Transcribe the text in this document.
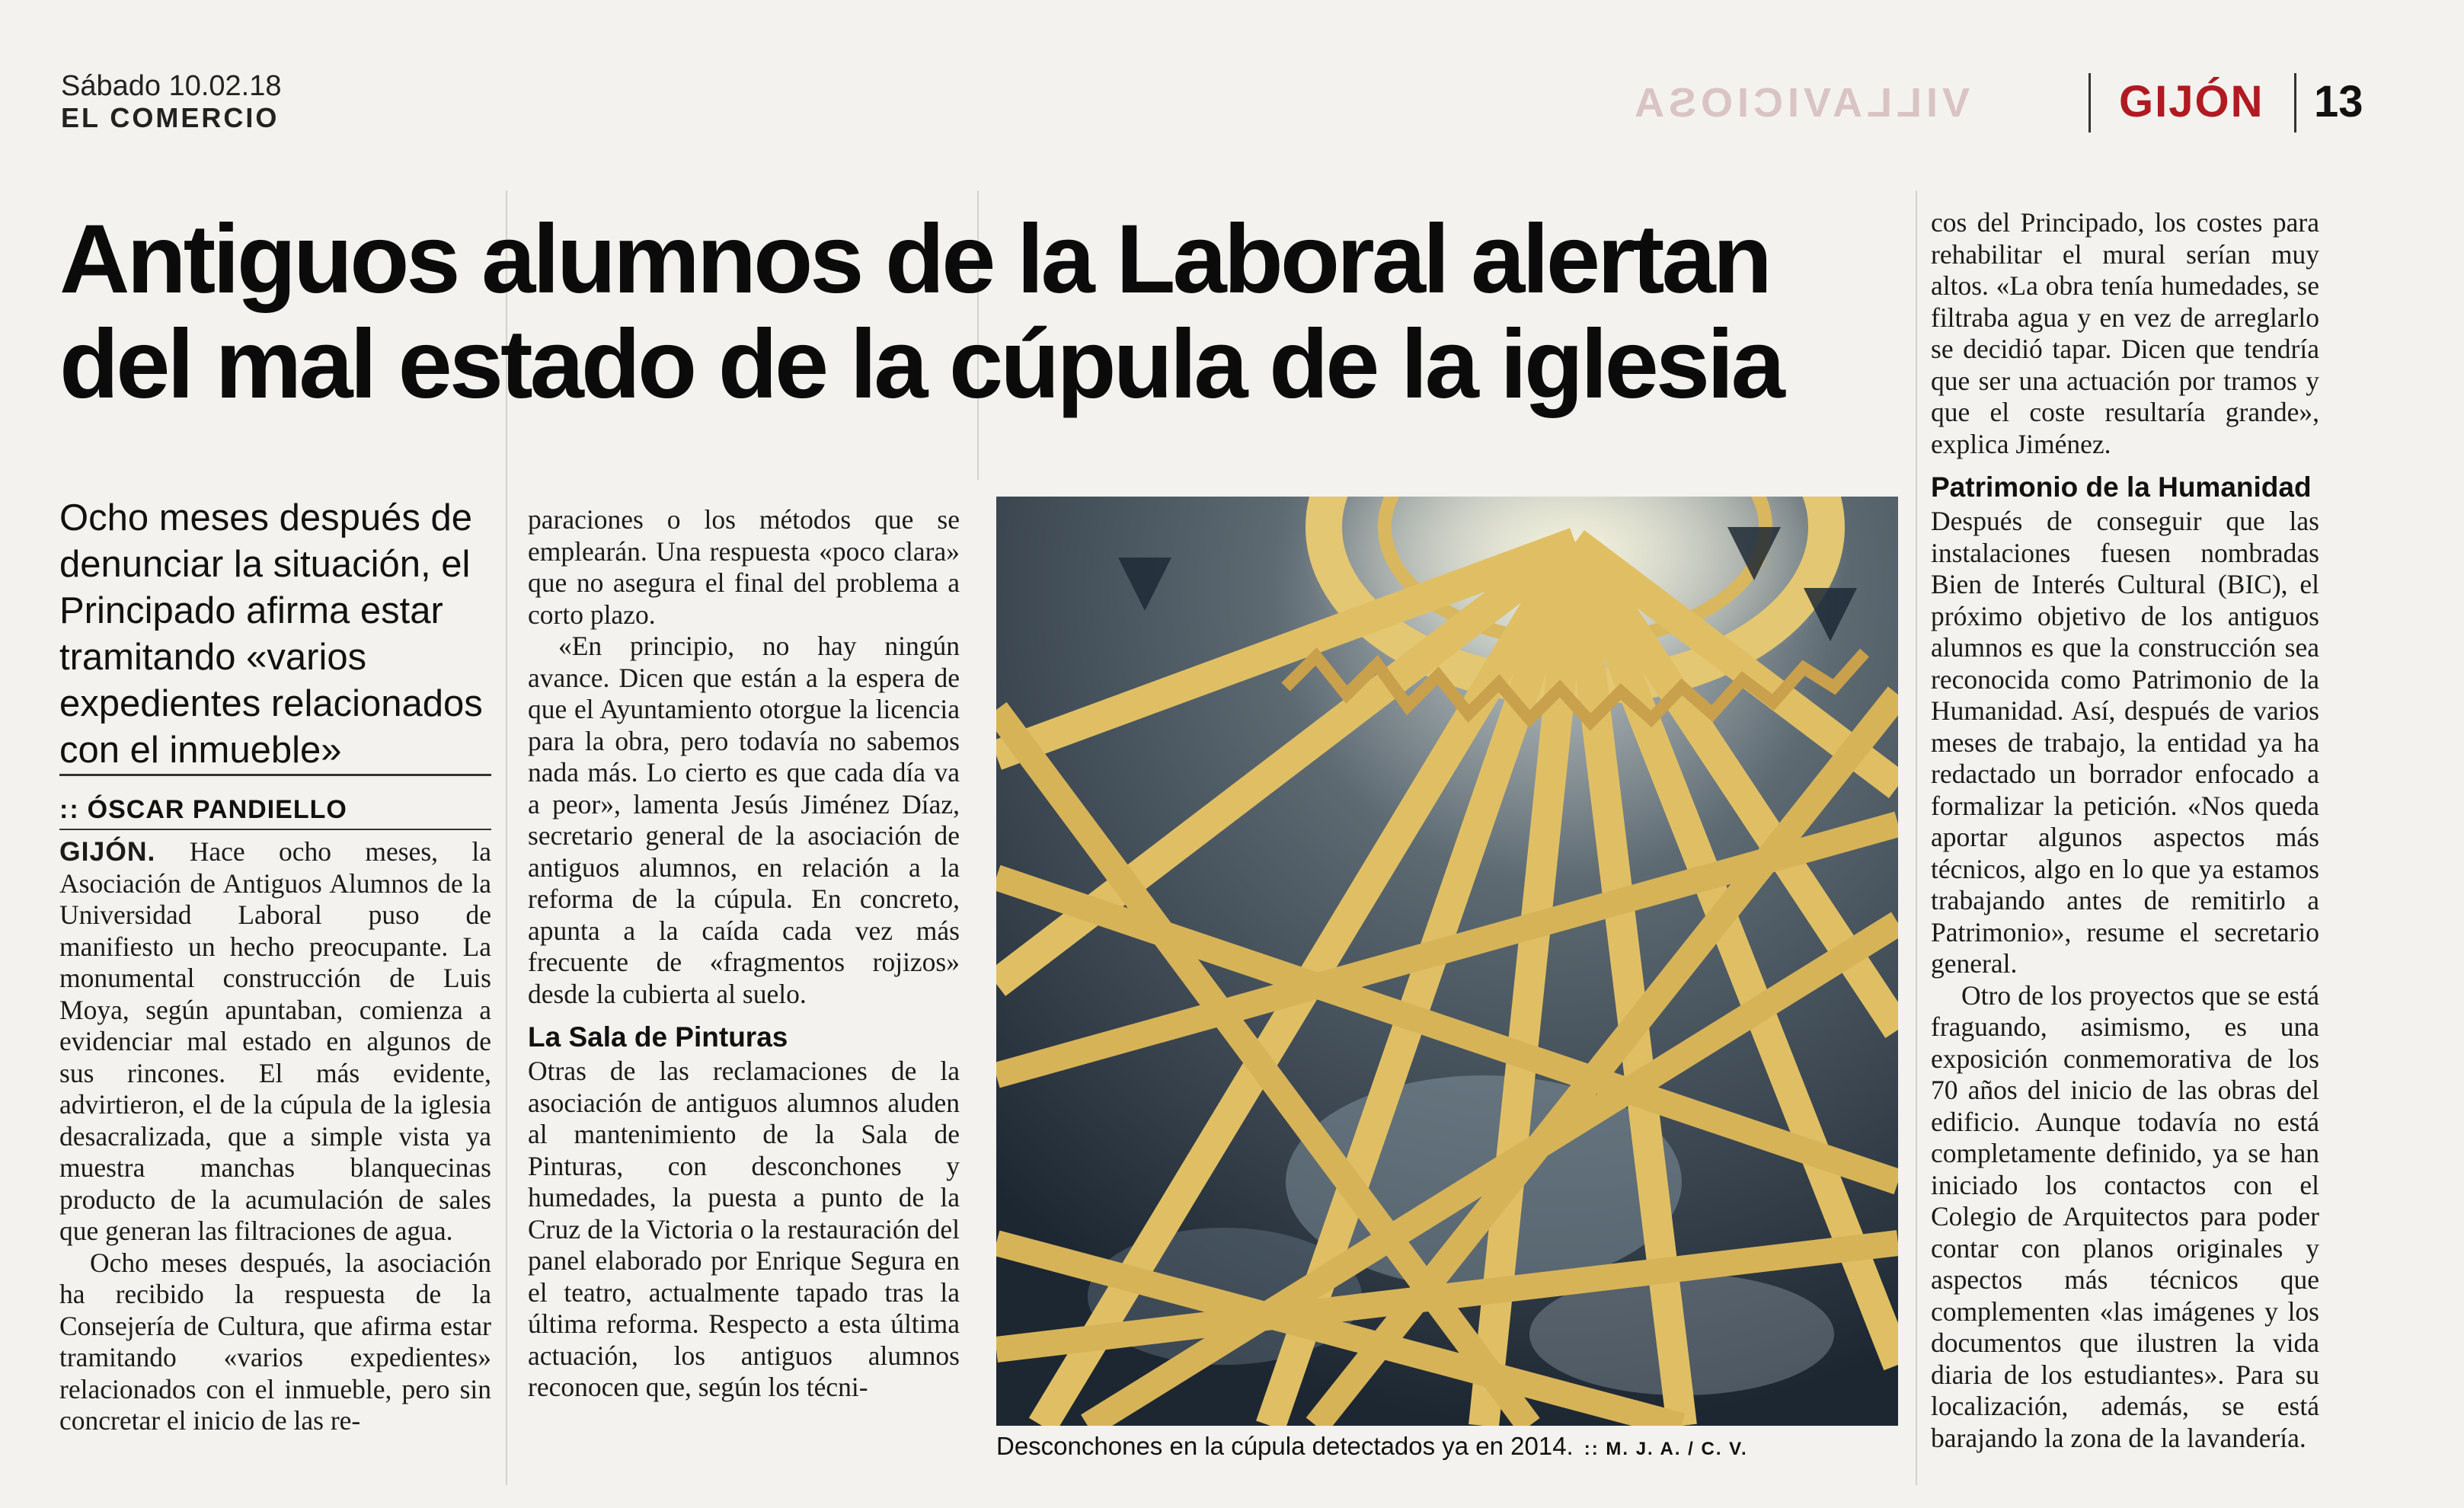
Sábado 10.02.18
EL COMERCIO	VILLAVICIOSA	GIJÓN 13
Antiguos alumnos de la Laboral alertan
del mal estado de la cúpula de la iglesia
Ocho meses después de denunciar la situación, el Principado afirma estar tramitando «varios expedientes relacionados con el inmueble»
:: ÓSCAR PANDIELLO

GIJÓN. Hace ocho meses, la Asociación de Antiguos Alumnos de la Universidad Laboral puso de manifiesto un hecho preocupante. La monumental construcción de Luis Moya, según apuntaban, comienza a evidenciar mal estado en algunos de sus rincones. El más evidente, advirtieron, el de la cúpula de la iglesia desacralizada, que a simple vista ya muestra manchas blanquecinas producto de la acumulación de sales que generan las filtraciones de agua.

Ocho meses después, la asociación ha recibido la respuesta de la Consejería de Cultura, que afirma estar tramitando «varios expedientes» relacionados con el inmueble, pero sin concretar el inicio de las re-

paraciones o los métodos que se emplearán. Una respuesta «poco clara» que no asegura el final del problema a corto plazo.

«En principio, no hay ningún avance. Dicen que están a la espera de que el Ayuntamiento otorgue la licencia para la obra, pero todavía no sabemos nada más. Lo cierto es que cada día va a peor», lamenta Jesús Jiménez Díaz, secretario general de la asociación de antiguos alumnos, en relación a la reforma de la cúpula. En concreto, apunta a la caída cada vez más frecuente de «fragmentos rojizos» desde la cubierta al suelo.

La Sala de Pinturas

Otras de las reclamaciones de la asociación de antiguos alumnos aluden al mantenimiento de la Sala de Pinturas, con desconchones y humedades, la puesta a punto de la Cruz de la Victoria o la restauración del panel elaborado por Enrique Segura en el teatro, actualmente tapado tras la última reforma. Respecto a esta última actuación, los antiguos alumnos reconocen que, según los técni-

Desconchones en la cúpula detectados ya en 2014. :: M. J. A. / C. V.

cos del Principado, los costes para rehabilitar el mural serían muy altos. «La obra tenía humedades, se filtraba agua y en vez de arreglarlo se decidió tapar. Dicen que tendría que ser una actuación por tramos y que el coste resultaría grande», explica Jiménez.

Patrimonio de la Humanidad

Después de conseguir que las instalaciones fuesen nombradas Bien de Interés Cultural (BIC), el próximo objetivo de los antiguos alumnos es que la construcción sea reconocida como Patrimonio de la Humanidad. Así, después de varios meses de trabajo, la entidad ya ha redactado un borrador enfocado a formalizar la petición. «Nos queda aportar algunos aspectos más técnicos, algo en lo que ya estamos trabajando antes de remitirlo a Patrimonio», resume el secretario general.

Otro de los proyectos que se está fraguando, asimismo, es una exposición conmemorativa de los 70 años del inicio de las obras del edificio. Aunque todavía no está completamente definido, ya se han iniciado los contactos con el Colegio de Arquitectos para poder contar con planos originales y aspectos más técnicos que complementen «las imágenes y los documentos que ilustren la vida diaria de los estudiantes». Para su localización, además, se está barajando la zona de la lavandería.
